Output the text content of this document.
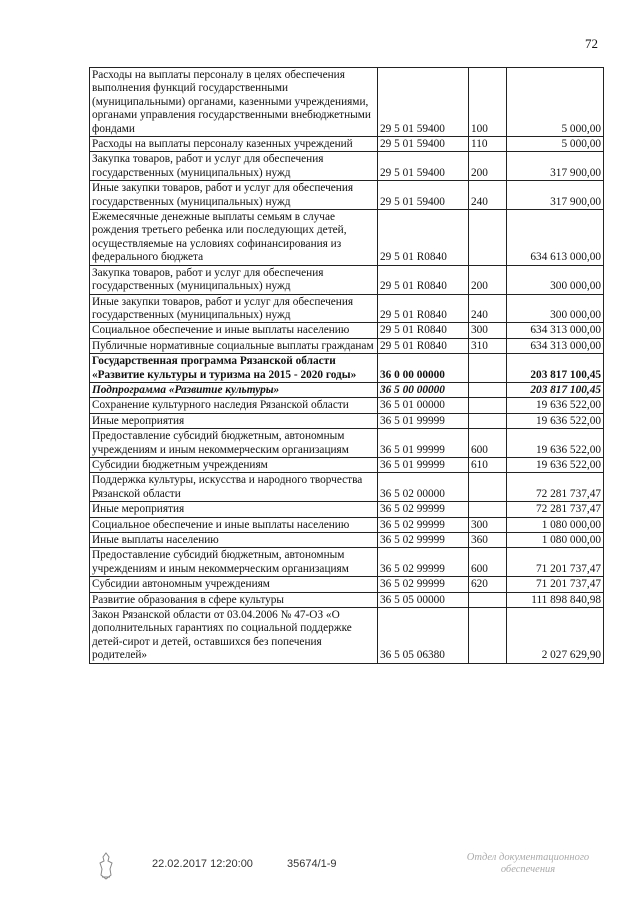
72
Расходы на выплаты персоналу в целях обеспечения выполнения функций государственными (муниципальными) органами, казенными учреждениями, органами управления государственными внебюджетными фондами	29 5 01 59400	100	5 000,00
Расходы на выплаты персоналу казенных учреждений	29 5 01 59400	110	5 000,00
Закупка товаров, работ и услуг для обеспечения государственных (муниципальных) нужд	29 5 01 59400	200	317 900,00
Иные закупки товаров, работ и услуг для обеспечения государственных (муниципальных) нужд	29 5 01 59400	240	317 900,00
Ежемесячные денежные выплаты семьям в случае рождения третьего ребенка или последующих детей, осуществляемые на условиях софинансирования из федерального бюджета	29 5 01 R0840		634 613 000,00
Закупка товаров, работ и услуг для обеспечения государственных (муниципальных) нужд	29 5 01 R0840	200	300 000,00
Иные закупки товаров, работ и услуг для обеспечения государственных (муниципальных) нужд	29 5 01 R0840	240	300 000,00
Социальное обеспечение и иные выплаты населению	29 5 01 R0840	300	634 313 000,00
Публичные нормативные социальные выплаты гражданам	29 5 01 R0840	310	634 313 000,00
Государственная программа Рязанской области «Развитие культуры и туризма на 2015 - 2020 годы»	36 0 00 00000		203 817 100,45
Подпрограмма «Развитие культуры»	36 5 00 00000		203 817 100,45
Сохранение культурного наследия Рязанской области	36 5 01 00000		19 636 522,00
Иные мероприятия	36 5 01 99999		19 636 522,00
Предоставление субсидий бюджетным, автономным учреждениям и иным некоммерческим организациям	36 5 01 99999	600	19 636 522,00
Субсидии бюджетным учреждениям	36 5 01 99999	610	19 636 522,00
Поддержка культуры, искусства и народного творчества Рязанской области	36 5 02 00000		72 281 737,47
Иные мероприятия	36 5 02 99999		72 281 737,47
Социальное обеспечение и иные выплаты населению	36 5 02 99999	300	1 080 000,00
Иные выплаты населению	36 5 02 99999	360	1 080 000,00
Предоставление субсидий бюджетным, автономным учреждениям и иным некоммерческим организациям	36 5 02 99999	600	71 201 737,47
Субсидии автономным учреждениям	36 5 02 99999	620	71 201 737,47
Развитие образования в сфере культуры	36 5 05 00000		111 898 840,98
Закон Рязанской области от 03.04.2006 № 47-ОЗ «О дополнительных гарантиях по социальной поддержке детей-сирот и детей, оставшихся без попечения родителей»	36 5 05 06380		2 027 629,90
22.02.2017 12:20:00	35674/1-9
Отдел документационного
обеспечения
